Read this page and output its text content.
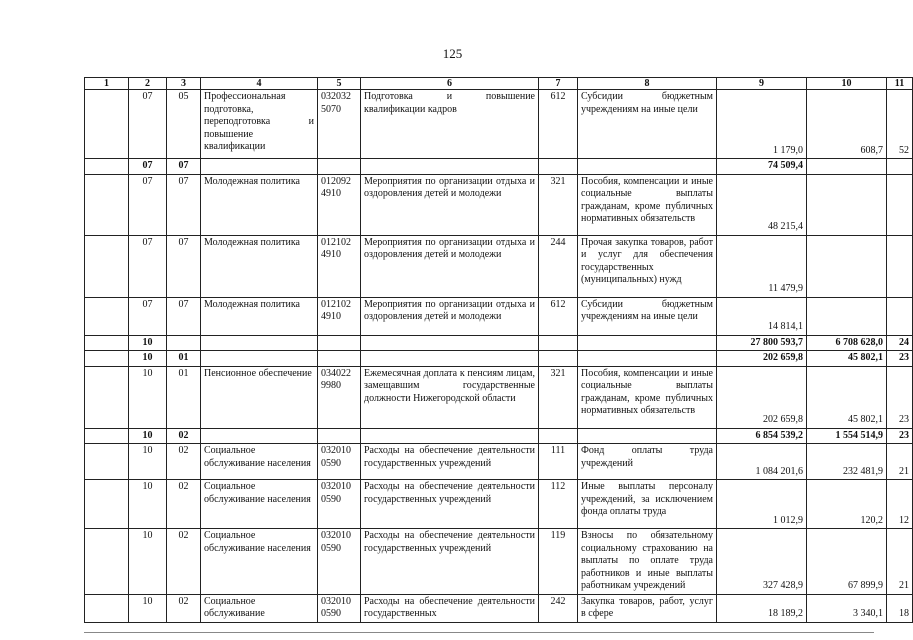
125
1	2	3	4	5	6	7	8	9	10	11
	07	05	Профессиональная подготовка, переподготовка и повышение квалификации	032032 5070	Подготовка и повышение квалификации кадров	612	Субсидии бюджетным учреждениям на иные цели	1 179,0	608,7	52
	07	07						74 509,4		
	07	07	Молодежная политика	012092 4910	Мероприятия по организации отдыха и оздоровления детей и молодежи	321	Пособия, компенсации и иные социальные выплаты гражданам, кроме публичных нормативных обязательств	48 215,4		
	07	07	Молодежная политика	012102 4910	Мероприятия по организации отдыха и оздоровления детей и молодежи	244	Прочая закупка товаров, работ и услуг для обеспечения государственных (муниципальных) нужд	11 479,9		
	07	07	Молодежная политика	012102 4910	Мероприятия по организации отдыха и оздоровления детей и молодежи	612	Субсидии бюджетным учреждениям на иные цели	14 814,1		
	10							27 800 593,7	6 708 628,0	24
	10	01						202 659,8	45 802,1	23
	10	01	Пенсионное обеспечение	034022 9980	Ежемесячная доплата к пенсиям лицам, замещавшим государственные должности Нижегородской области	321	Пособия, компенсации и иные социальные выплаты гражданам, кроме публичных нормативных обязательств	202 659,8	45 802,1	23
	10	02						6 854 539,2	1 554 514,9	23
	10	02	Социальное обслуживание населения	032010 0590	Расходы на обеспечение деятельности государственных учреждений	111	Фонд оплаты труда учреждений	1 084 201,6	232 481,9	21
	10	02	Социальное обслуживание населения	032010 0590	Расходы на обеспечение деятельности государственных учреждений	112	Иные выплаты персоналу учреждений, за исключением фонда оплаты труда	1 012,9	120,2	12
	10	02	Социальное обслуживание населения	032010 0590	Расходы на обеспечение деятельности государственных учреждений	119	Взносы по обязательному социальному страхованию на выплаты по оплате труда работников и иные выплаты работникам учреждений	327 428,9	67 899,9	21
	10	02	Социальное обслуживание	032010 0590	Расходы на обеспечение деятельности государственных	242	Закупка товаров, работ, услуг в сфере	18 189,2	3 340,1	18
